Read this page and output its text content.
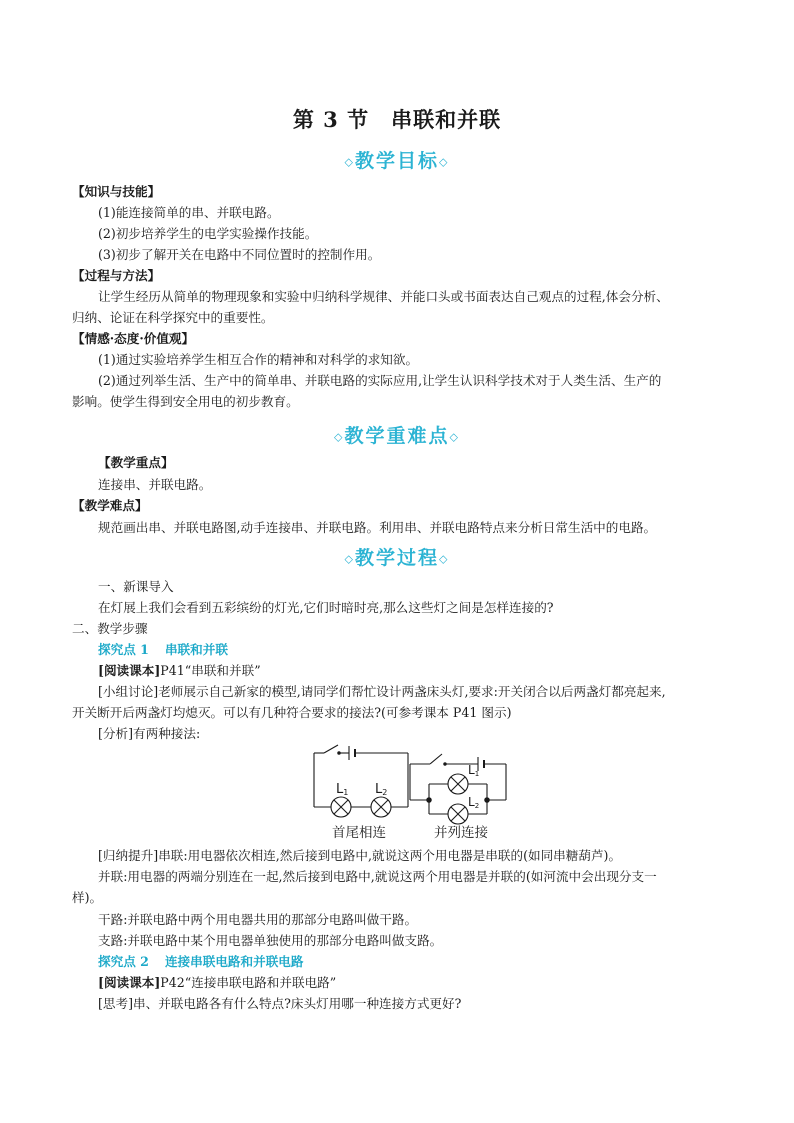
第 3 节　串联和并联
◇教学目标◇
【知识与技能】
(1)能连接简单的串、并联电路。
(2)初步培养学生的电学实验操作技能。
(3)初步了解开关在电路中不同位置时的控制作用。
【过程与方法】
让学生经历从简单的物理现象和实验中归纳科学规律、并能口头或书面表达自己观点的过程,体会分析、
归纳、论证在科学探究中的重要性。
【情感·态度·价值观】
(1)通过实验培养学生相互合作的精神和对科学的求知欲。
(2)通过列举生活、生产中的简单串、并联电路的实际应用,让学生认识科学技术对于人类生活、生产的
影响。使学生得到安全用电的初步教育。
◇教学重难点◇
【教学重点】
连接串、并联电路。
【教学难点】
规范画出串、并联电路图,动手连接串、并联电路。利用串、并联电路特点来分析日常生活中的电路。
◇教学过程◇
一、新课导入
在灯展上我们会看到五彩缤纷的灯光,它们时暗时亮,那么这些灯之间是怎样连接的?
二、教学步骤
探究点 1 串联和并联
[阅读课本]P41“串联和并联”
[小组讨论]老师展示自己新家的模型,请同学们帮忙设计两盏床头灯,要求:开关闭合以后两盏灯都亮起来,
开关断开后两盏灯均熄灭。可以有几种符合要求的接法?(可参考课本 P41 图示)
[分析]有两种接法:
L1 L2
L1
L2
首尾相连	并列连接
[归纳提升]串联:用电器依次相连,然后接到电路中,就说这两个用电器是串联的(如同串糖葫芦)。
并联:用电器的两端分别连在一起,然后接到电路中,就说这两个用电器是并联的(如河流中会出现分支一
样)。
干路:并联电路中两个用电器共用的那部分电路叫做干路。
支路:并联电路中某个用电器单独使用的那部分电路叫做支路。
探究点 2 连接串联电路和并联电路
[阅读课本]P42“连接串联电路和并联电路”
[思考]串、并联电路各有什么特点?床头灯用哪一种连接方式更好?
